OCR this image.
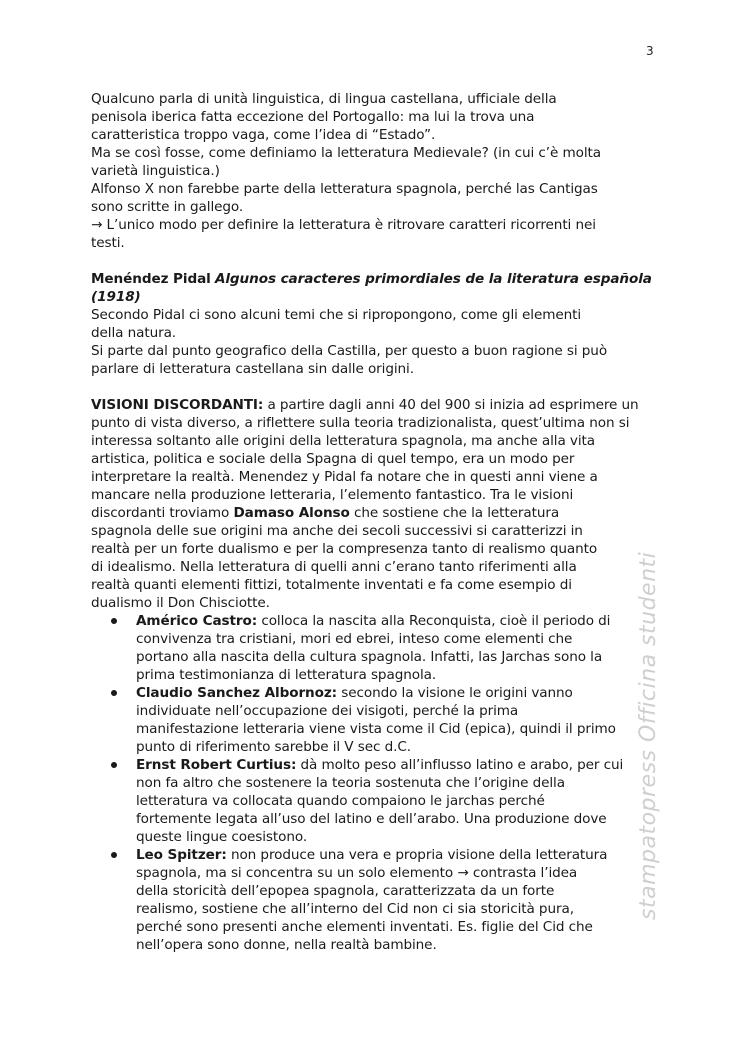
3

Qualcuno parla di unità linguistica, di lingua castellana, ufficiale della

penisola iberica fatta eccezione del Portogallo: ma lui la trova una

caratteristica troppo vaga, come l’idea di “Estado”.

Ma se così fosse, come definiamo la letteratura Medievale? (in cui c’è molta

varietà linguistica.)

Alfonso X non farebbe parte della letteratura spagnola, perché las Cantigas

sono scritte in gallego.

→ L’unico modo per definire la letteratura è ritrovare caratteri ricorrenti nei

testi.

Menéndez Pidal Algunos caracteres primordiales de la literatura española

(1918)

Secondo Pidal ci sono alcuni temi che si ripropongono, come gli elementi

della natura.

Si parte dal punto geografico della Castilla, per questo a buon ragione si può

parlare di letteratura castellana sin dalle origini.

VISIONI DISCORDANTI: a partire dagli anni 40 del 900 si inizia ad esprimere un

punto di vista diverso, a riflettere sulla teoria tradizionalista, quest’ultima non si

interessa soltanto alle origini della letteratura spagnola, ma anche alla vita

artistica, politica e sociale della Spagna di quel tempo, era un modo per

interpretare la realtà. Menendez y Pidal fa notare che in questi anni viene a

mancare nella produzione letteraria, l’elemento fantastico. Tra le visioni

discordanti troviamo Damaso Alonso che sostiene che la letteratura

spagnola delle sue origini ma anche dei secoli successivi si caratterizzi in

realtà per un forte dualismo e per la compresenza tanto di realismo quanto

di idealismo. Nella letteratura di quelli anni c’erano tanto riferimenti alla

realtà quanti elementi fittizi, totalmente inventati e fa come esempio di

dualismo il Don Chisciotte.

Américo Castro: colloca la nascita alla Reconquista, cioè il periodo di

convivenza tra cristiani, mori ed ebrei, inteso come elementi che

portano alla nascita della cultura spagnola. Infatti, las Jarchas sono la

prima testimonianza di letteratura spagnola.

Claudio Sanchez Albornoz: secondo la visione le origini vanno

individuate nell’occupazione dei visigoti, perché la prima

manifestazione letteraria viene vista come il Cid (epica), quindi il primo

punto di riferimento sarebbe il V sec d.C.

Ernst Robert Curtius: dà molto peso all’influsso latino e arabo, per cui

non fa altro che sostenere la teoria sostenuta che l’origine della

letteratura va collocata quando compaiono le jarchas perché

fortemente legata all’uso del latino e dell’arabo. Una produzione dove

queste lingue coesistono.

Leo Spitzer: non produce una vera e propria visione della letteratura

spagnola, ma si concentra su un solo elemento → contrasta l’idea

della storicità dell’epopea spagnola, caratterizzata da un forte

realismo, sostiene che all’interno del Cid non ci sia storicità pura,

perché sono presenti anche elementi inventati. Es. figlie del Cid che

nell’opera sono donne, nella realtà bambine.

stampatopress Officina studenti
